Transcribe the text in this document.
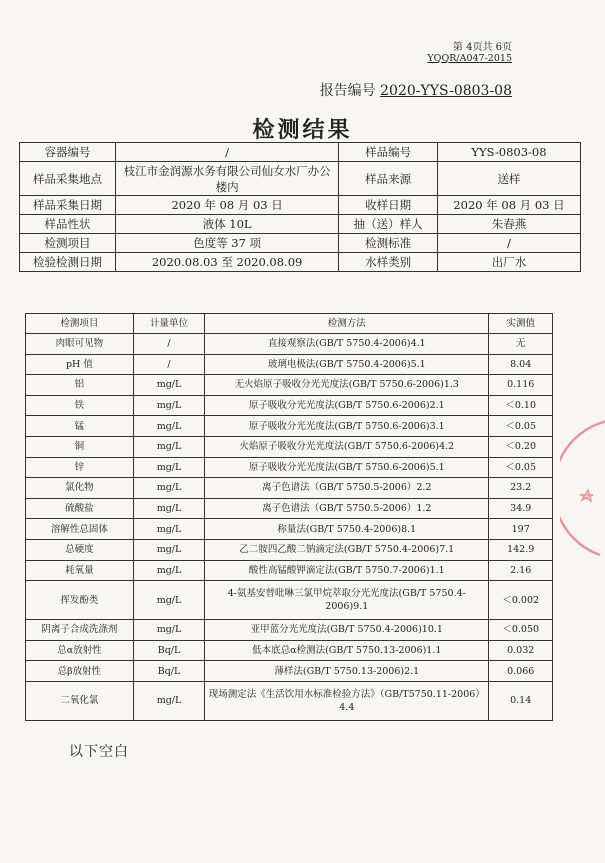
第 4页共 6页
YQQR/A047-2015
报告编号 2020-YYS-0803-08
检测结果
容器编号	/	样品编号	YYS-0803-08
样品采集地点	枝江市金润源水务有限公司仙女水厂办公楼内	样品来源	送样
样品采集日期	2020 年 08 月 03 日	收样日期	2020 年 08 月 03 日
样品性状	液体 10L	抽（送）样人	朱春燕
检测项目	色度等 37 项	检测标准	/
检验检测日期	2020.08.03 至 2020.08.09	水样类别	出厂水
检测项目	计量单位	检测方法	实测值
肉眼可见物	/	直接观察法(GB/T 5750.4-2006)4.1	无
pH 值	/	玻璃电极法(GB/T 5750.4-2006)5.1	8.04
铝	mg/L	无火焰原子吸收分光光度法(GB/T 5750.6-2006)1.3	0.116
铁	mg/L	原子吸收分光光度法(GB/T 5750.6-2006)2.1	＜0.10
锰	mg/L	原子吸收分光光度法(GB/T 5750.6-2006)3.1	＜0.05
铜	mg/L	火焰原子吸收分光光度法(GB/T 5750.6-2006)4.2	＜0.20
锌	mg/L	原子吸收分光光度法(GB/T 5750.6-2006)5.1	＜0.05
氯化物	mg/L	离子色谱法（GB/T 5750.5-2006）2.2	23.2
硫酸盐	mg/L	离子色谱法（GB/T 5750.5-2006）1.2	34.9
溶解性总固体	mg/L	称量法(GB/T 5750.4-2006)8.1	197
总硬度	mg/L	乙二胺四乙酸二钠滴定法(GB/T 5750.4-2006)7.1	142.9
耗氧量	mg/L	酸性高锰酸钾滴定法(GB/T 5750.7-2006)1.1	2.16
挥发酚类	mg/L	4-氨基安替吡啉三氯甲烷萃取分光光度法(GB/T 5750.4-2006)9.1	＜0.002
阴离子合成洗涤剂	mg/L	亚甲蓝分光光度法(GB/T 5750.4-2006)10.1	＜0.050
总α放射性	Bq/L	低本底总α检测法(GB/T 5750.13-2006)1.1	0.032
总β放射性	Bq/L	薄样法(GB/T 5750.13-2006)2.1	0.066
二氧化氯	mg/L	现场测定法《生活饮用水标准检验方法》（GB/T5750.11-2006）4.4	0.14
以下空白
